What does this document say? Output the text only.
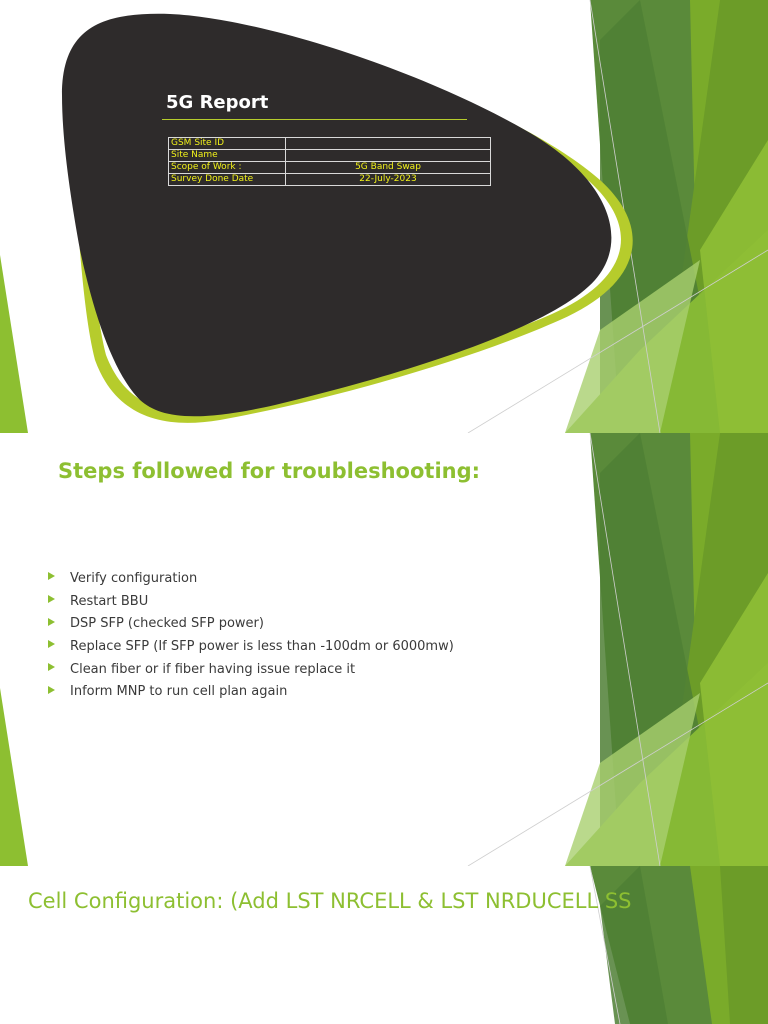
5G Report
GSM Site ID	
Site Name	
Scope of Work :	5G Band Swap
Survey Done Date	22-July-2023
Steps followed for troubleshooting:
Verify configuration
Restart BBU
DSP SFP (checked SFP power)
Replace SFP (If SFP power is less than -100dm or 6000mw)
Clean fiber or if fiber having issue replace it
Inform MNP to run cell plan again
Cell Configuration: (Add LST NRCELL & LST NRDUCELL SS
